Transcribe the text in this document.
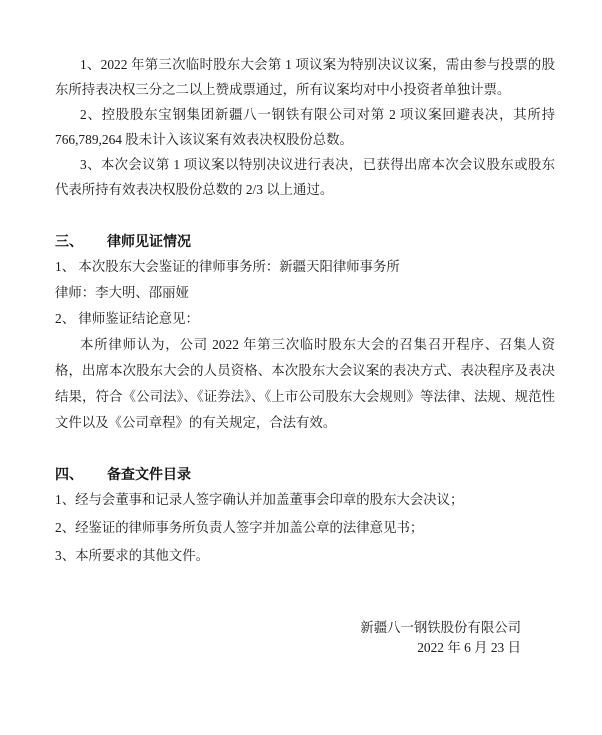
1、2022 年第三次临时股东大会第 1 项议案为特别决议议案，需由参与投票的股东所持表决权三分之二以上赞成票通过，所有议案均对中小投资者单独计票。

2、控股股东宝钢集团新疆八一钢铁有限公司对第 2 项议案回避表决，其所持 766,789,264 股未计入该议案有效表决权股份总数。

3、本次会议第 1 项议案以特别决议进行表决，已获得出席本次会议股东或股东代表所持有效表决权股份总数的 2/3 以上通过。

三、 律师见证情况

1、 本次股东大会鉴证的律师事务所：新疆天阳律师事务所

律师：李大明、邵丽娅

2、 律师鉴证结论意见：

本所律师认为，公司 2022 年第三次临时股东大会的召集召开程序、召集人资格，出席本次股东大会的人员资格、本次股东大会议案的表决方式、表决程序及表决结果，符合《公司法》、《证券法》、《上市公司股东大会规则》等法律、法规、规范性文件以及《公司章程》的有关规定，合法有效。

四、 备查文件目录

1、经与会董事和记录人签字确认并加盖董事会印章的股东大会决议；

2、经鉴证的律师事务所负责人签字并加盖公章的法律意见书；

3、本所要求的其他文件。

新疆八一钢铁股份有限公司
2022 年 6 月 23 日
